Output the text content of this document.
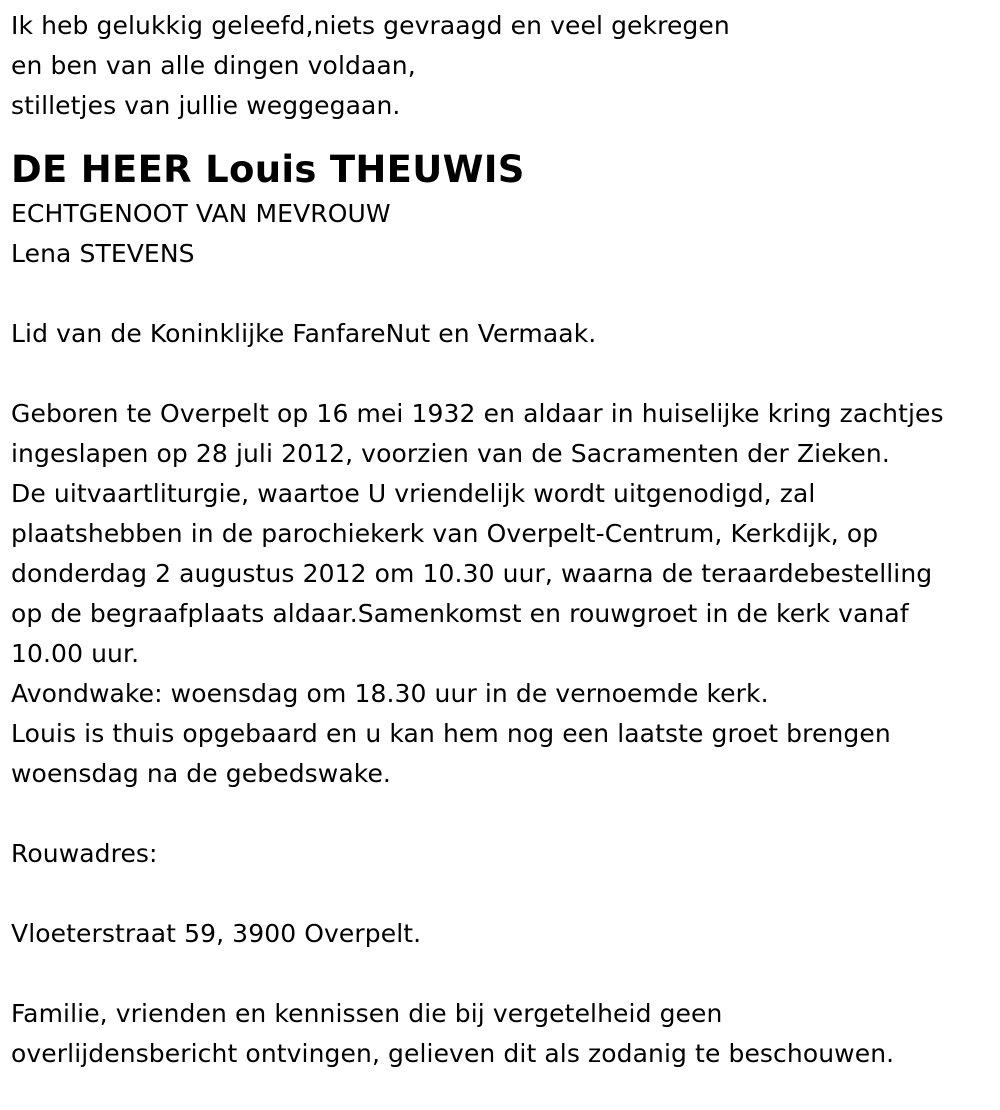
Ik heb gelukkig geleefd,niets gevraagd en veel gekregen
en ben van alle dingen voldaan,
stilletjes van jullie weggegaan.
DE HEER Louis THEUWIS
ECHTGENOOT VAN MEVROUW
Lena STEVENS
Lid van de Koninklijke FanfareNut en Vermaak.
Geboren te Overpelt op 16 mei 1932 en aldaar in huiselijke kring zachtjes
ingeslapen op 28 juli 2012, voorzien van de Sacramenten der Zieken.
De uitvaartliturgie, waartoe U vriendelijk wordt uitgenodigd, zal
plaatshebben in de parochiekerk van Overpelt-Centrum, Kerkdijk, op
donderdag 2 augustus 2012 om 10.30 uur, waarna de teraardebestelling
op de begraafplaats aldaar.Samenkomst en rouwgroet in de kerk vanaf
10.00 uur.
Avondwake: woensdag om 18.30 uur in de vernoemde kerk.
Louis is thuis opgebaard en u kan hem nog een laatste groet brengen
woensdag na de gebedswake.
Rouwadres:
Vloeterstraat 59, 3900 Overpelt.
Familie, vrienden en kennissen die bij vergetelheid geen
overlijdensbericht ontvingen, gelieven dit als zodanig te beschouwen.
